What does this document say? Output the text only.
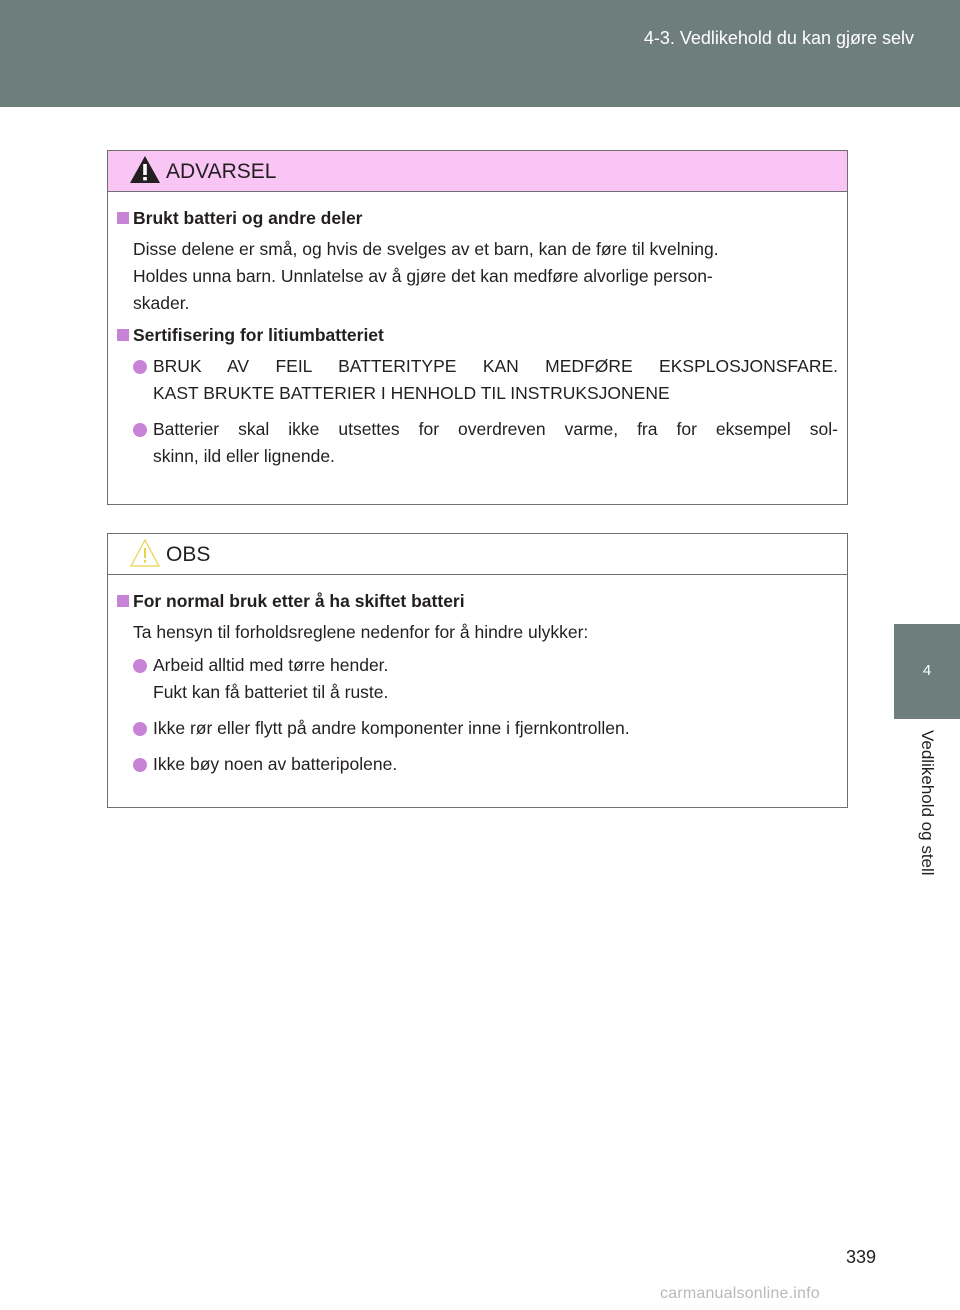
4-3. Vedlikehold du kan gjøre selv
4
Vedlikehold og stell
ADVARSEL
Brukt batteri og andre deler
Disse delene er små, og hvis de svelges av et barn, kan de føre til kvelning.
Holdes unna barn. Unnlatelse av å gjøre det kan medføre alvorlige person-
skader.
Sertifisering for litiumbatteriet
BRUK AV FEIL BATTERITYPE KAN MEDFØRE EKSPLOSJONSFARE.
KAST BRUKTE BATTERIER I HENHOLD TIL INSTRUKSJONENE
Batterier skal ikke utsettes for overdreven varme, fra for eksempel sol-
skinn, ild eller lignende.
OBS
For normal bruk etter å ha skiftet batteri
Ta hensyn til forholdsreglene nedenfor for å hindre ulykker:
Arbeid alltid med tørre hender.
Fukt kan få batteriet til å ruste.
Ikke rør eller flytt på andre komponenter inne i fjernkontrollen.
Ikke bøy noen av batteripolene.
339
carmanualsonline.info
